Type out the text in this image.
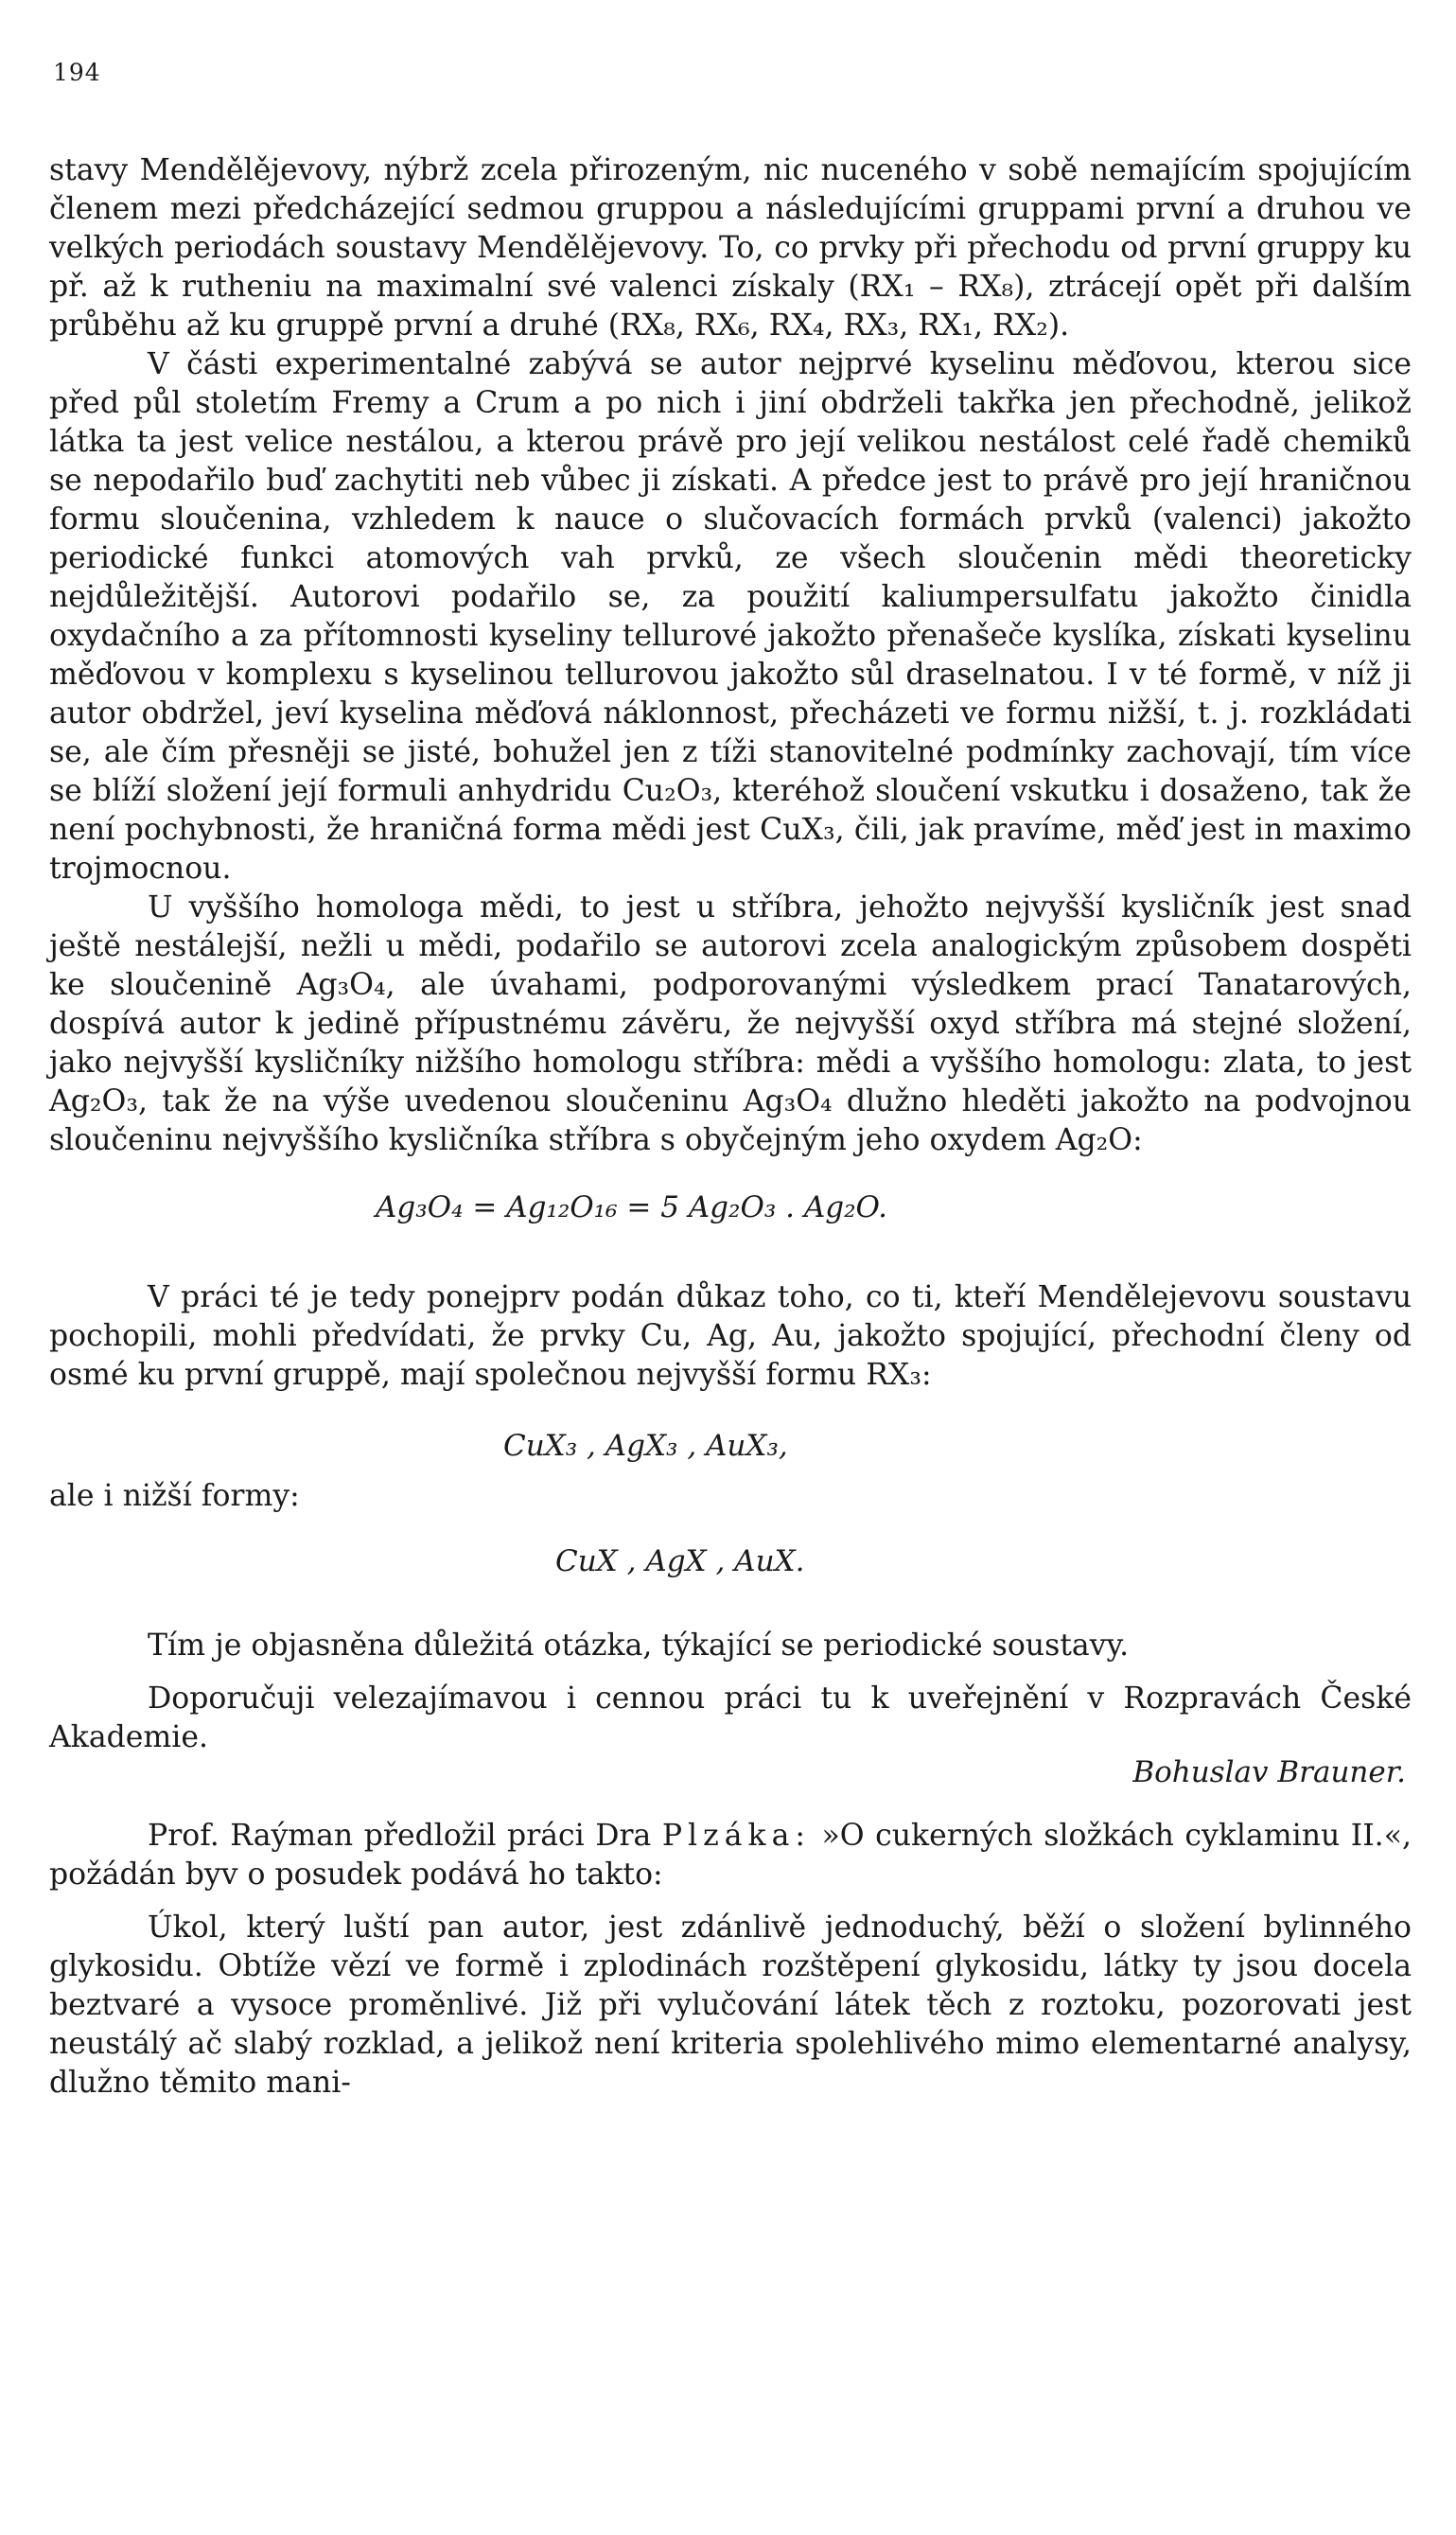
194

stavy Mendělějevovy, nýbrž zcela přirozeným, nic nuceného v sobě nemajícím spojujícím členem mezi předcházející sedmou gruppou a následujícími gruppami první a druhou ve velkých periodách soustavy Mendělějevovy. To, co prvky při přechodu od první gruppy ku př. až k rutheniu na maximalní své valenci získaly (RX₁ – RX₈), ztrácejí opět při dalším průběhu až ku gruppě první a druhé (RX₈, RX₆, RX₄, RX₃, RX₁, RX₂).

V části experimentalné zabývá se autor nejprvé kyselinu měďovou, kterou sice před půl stoletím Fremy a Crum a po nich i jiní obdrželi takřka jen přechodně, jelikož látka ta jest velice nestálou, a kterou právě pro její velikou nestálost celé řadě chemiků se nepodařilo buď zachytiti neb vůbec ji získati. A předce jest to právě pro její hraničnou formu sloučenina, vzhledem k nauce o slučovacích formách prvků (valenci) jakožto periodické funkci atomových vah prvků, ze všech sloučenin mědi theoreticky nejdůležitější. Autorovi podařilo se, za použití kaliumpersulfatu jakožto činidla oxydačního a za přítomnosti kyseliny tellurové jakožto přenašeče kyslíka, získati kyselinu měďovou v komplexu s kyselinou tellurovou jakožto sůl draselnatou. I v té formě, v níž ji autor obdržel, jeví kyselina měďová náklonnost, přecházeti ve formu nižší, t. j. rozkládati se, ale čím přesněji se jisté, bohužel jen z tíži stanovitelné podmínky zachovají, tím více se blíží složení její formuli anhydridu Cu₂O₃, kteréhož sloučení vskutku i dosaženo, tak že není pochybnosti, že hraničná forma mědi jest CuX₃, čili, jak pravíme, měď jest in maximo trojmocnou.

U vyššího homologa mědi, to jest u stříbra, jehožto nejvyšší kysličník jest snad ještě nestálejší, nežli u mědi, podařilo se autorovi zcela analogickým způsobem dospěti ke sloučenině Ag₃O₄, ale úvahami, podporovanými výsledkem prací Tanatarových, dospívá autor k jedině přípustnému závěru, že nejvyšší oxyd stříbra má stejné složení, jako nejvyšší kysličníky nižšího homologu stříbra: mědi a vyššího homologu: zlata, to jest Ag₂O₃, tak že na výše uvedenou sloučeninu Ag₃O₄ dlužno hleděti jakožto na podvojnou sloučeninu nejvyššího kysličníka stříbra s obyčejným jeho oxydem Ag₂O:

Ag₃O₄ = Ag₁₂O₁₆ = 5 Ag₂O₃ . Ag₂O.

V práci té je tedy ponejprv podán důkaz toho, co ti, kteří Mendělejevovu soustavu pochopili, mohli předvídati, že prvky Cu, Ag, Au, jakožto spojující, přechodní členy od osmé ku první gruppě, mají společnou nejvyšší formu RX₃:

CuX₃ , AgX₃ , AuX₃,

ale i nižší formy:

CuX , AgX , AuX.

Tím je objasněna důležitá otázka, týkající se periodické soustavy.

Doporučuji velezajímavou i cennou práci tu k uveřejnění v Rozpravách České Akademie.

Bohuslav Brauner.

Prof. Raýman předložil práci Dra Plzáka: »O cukerných složkách cyklaminu II.«, požádán byv o posudek podává ho takto:

Úkol, který luští pan autor, jest zdánlivě jednoduchý, běží o složení bylinného glykosidu. Obtíže vězí ve formě i zplodinách rozštěpení glykosidu, látky ty jsou docela beztvaré a vysoce proměnlivé. Již při vylučování látek těch z roztoku, pozorovati jest neustálý ač slabý rozklad, a jelikož není kriteria spolehlivého mimo elementarné analysy, dlužno těmito mani-
